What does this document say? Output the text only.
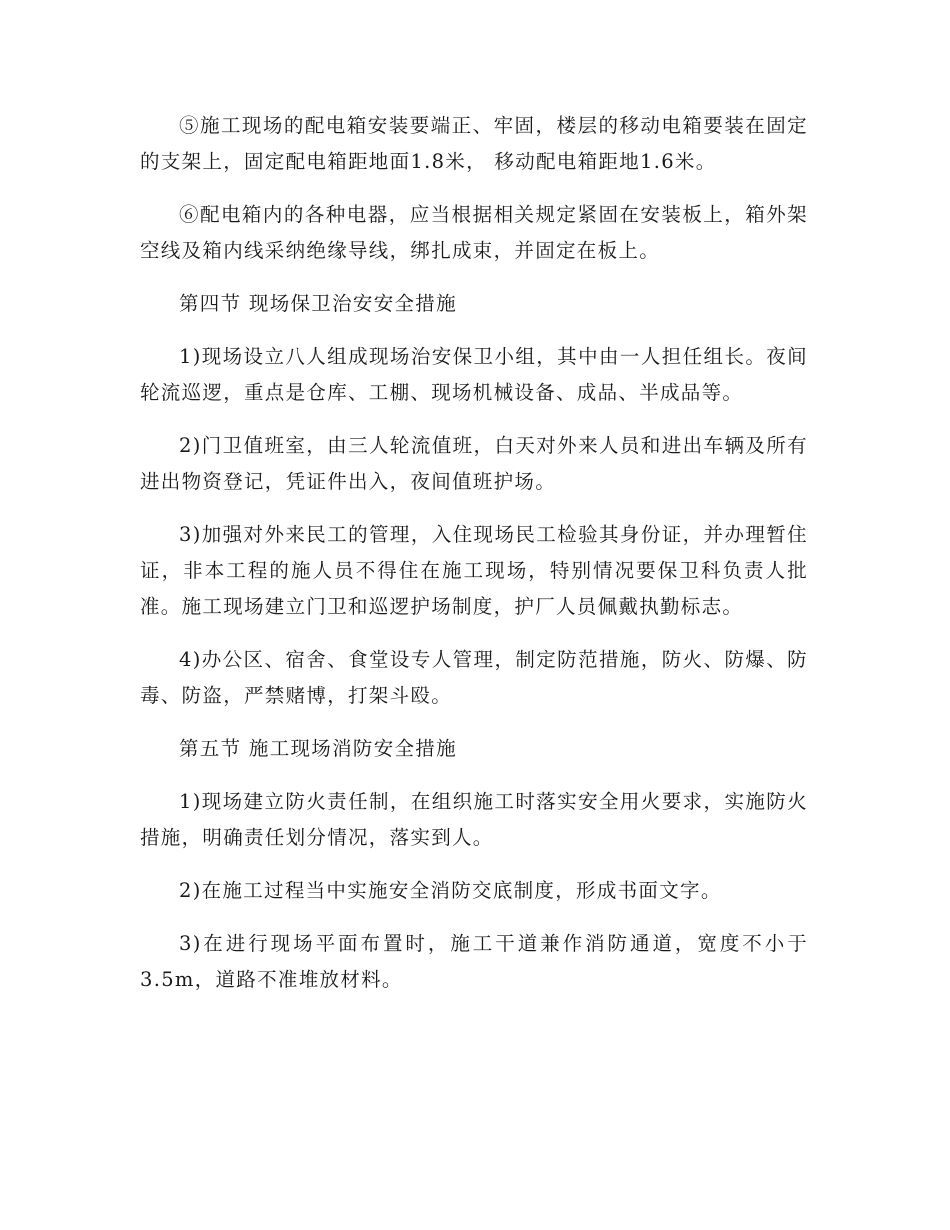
⑤施工现场的配电箱安装要端正、牢固，楼层的移动电箱要装在固定的支架上，固定配电箱距地面1.8米， 移动配电箱距地1.6米。

⑥配电箱内的各种电器，应当根据相关规定紧固在安装板上，箱外架空线及箱内线采纳绝缘导线，绑扎成束，并固定在板上。

第四节 现场保卫治安安全措施

1)现场设立八人组成现场治安保卫小组，其中由一人担任组长。夜间轮流巡逻，重点是仓库、工棚、现场机械设备、成品、半成品等。

2)门卫值班室，由三人轮流值班，白天对外来人员和进出车辆及所有进出物资登记，凭证件出入，夜间值班护场。

3)加强对外来民工的管理，入住现场民工检验其身份证，并办理暂住证，非本工程的施人员不得住在施工现场，特别情况要保卫科负责人批准。施工现场建立门卫和巡逻护场制度，护厂人员佩戴执勤标志。

4)办公区、宿舍、食堂设专人管理，制定防范措施，防火、防爆、防毒、防盗，严禁赌博，打架斗殴。

第五节 施工现场消防安全措施

1)现场建立防火责任制，在组织施工时落实安全用火要求，实施防火措施，明确责任划分情况，落实到人。

2)在施工过程当中实施安全消防交底制度，形成书面文字。

3)在进行现场平面布置时，施工干道兼作消防通道，宽度不小于3.5m，道路不准堆放材料。
